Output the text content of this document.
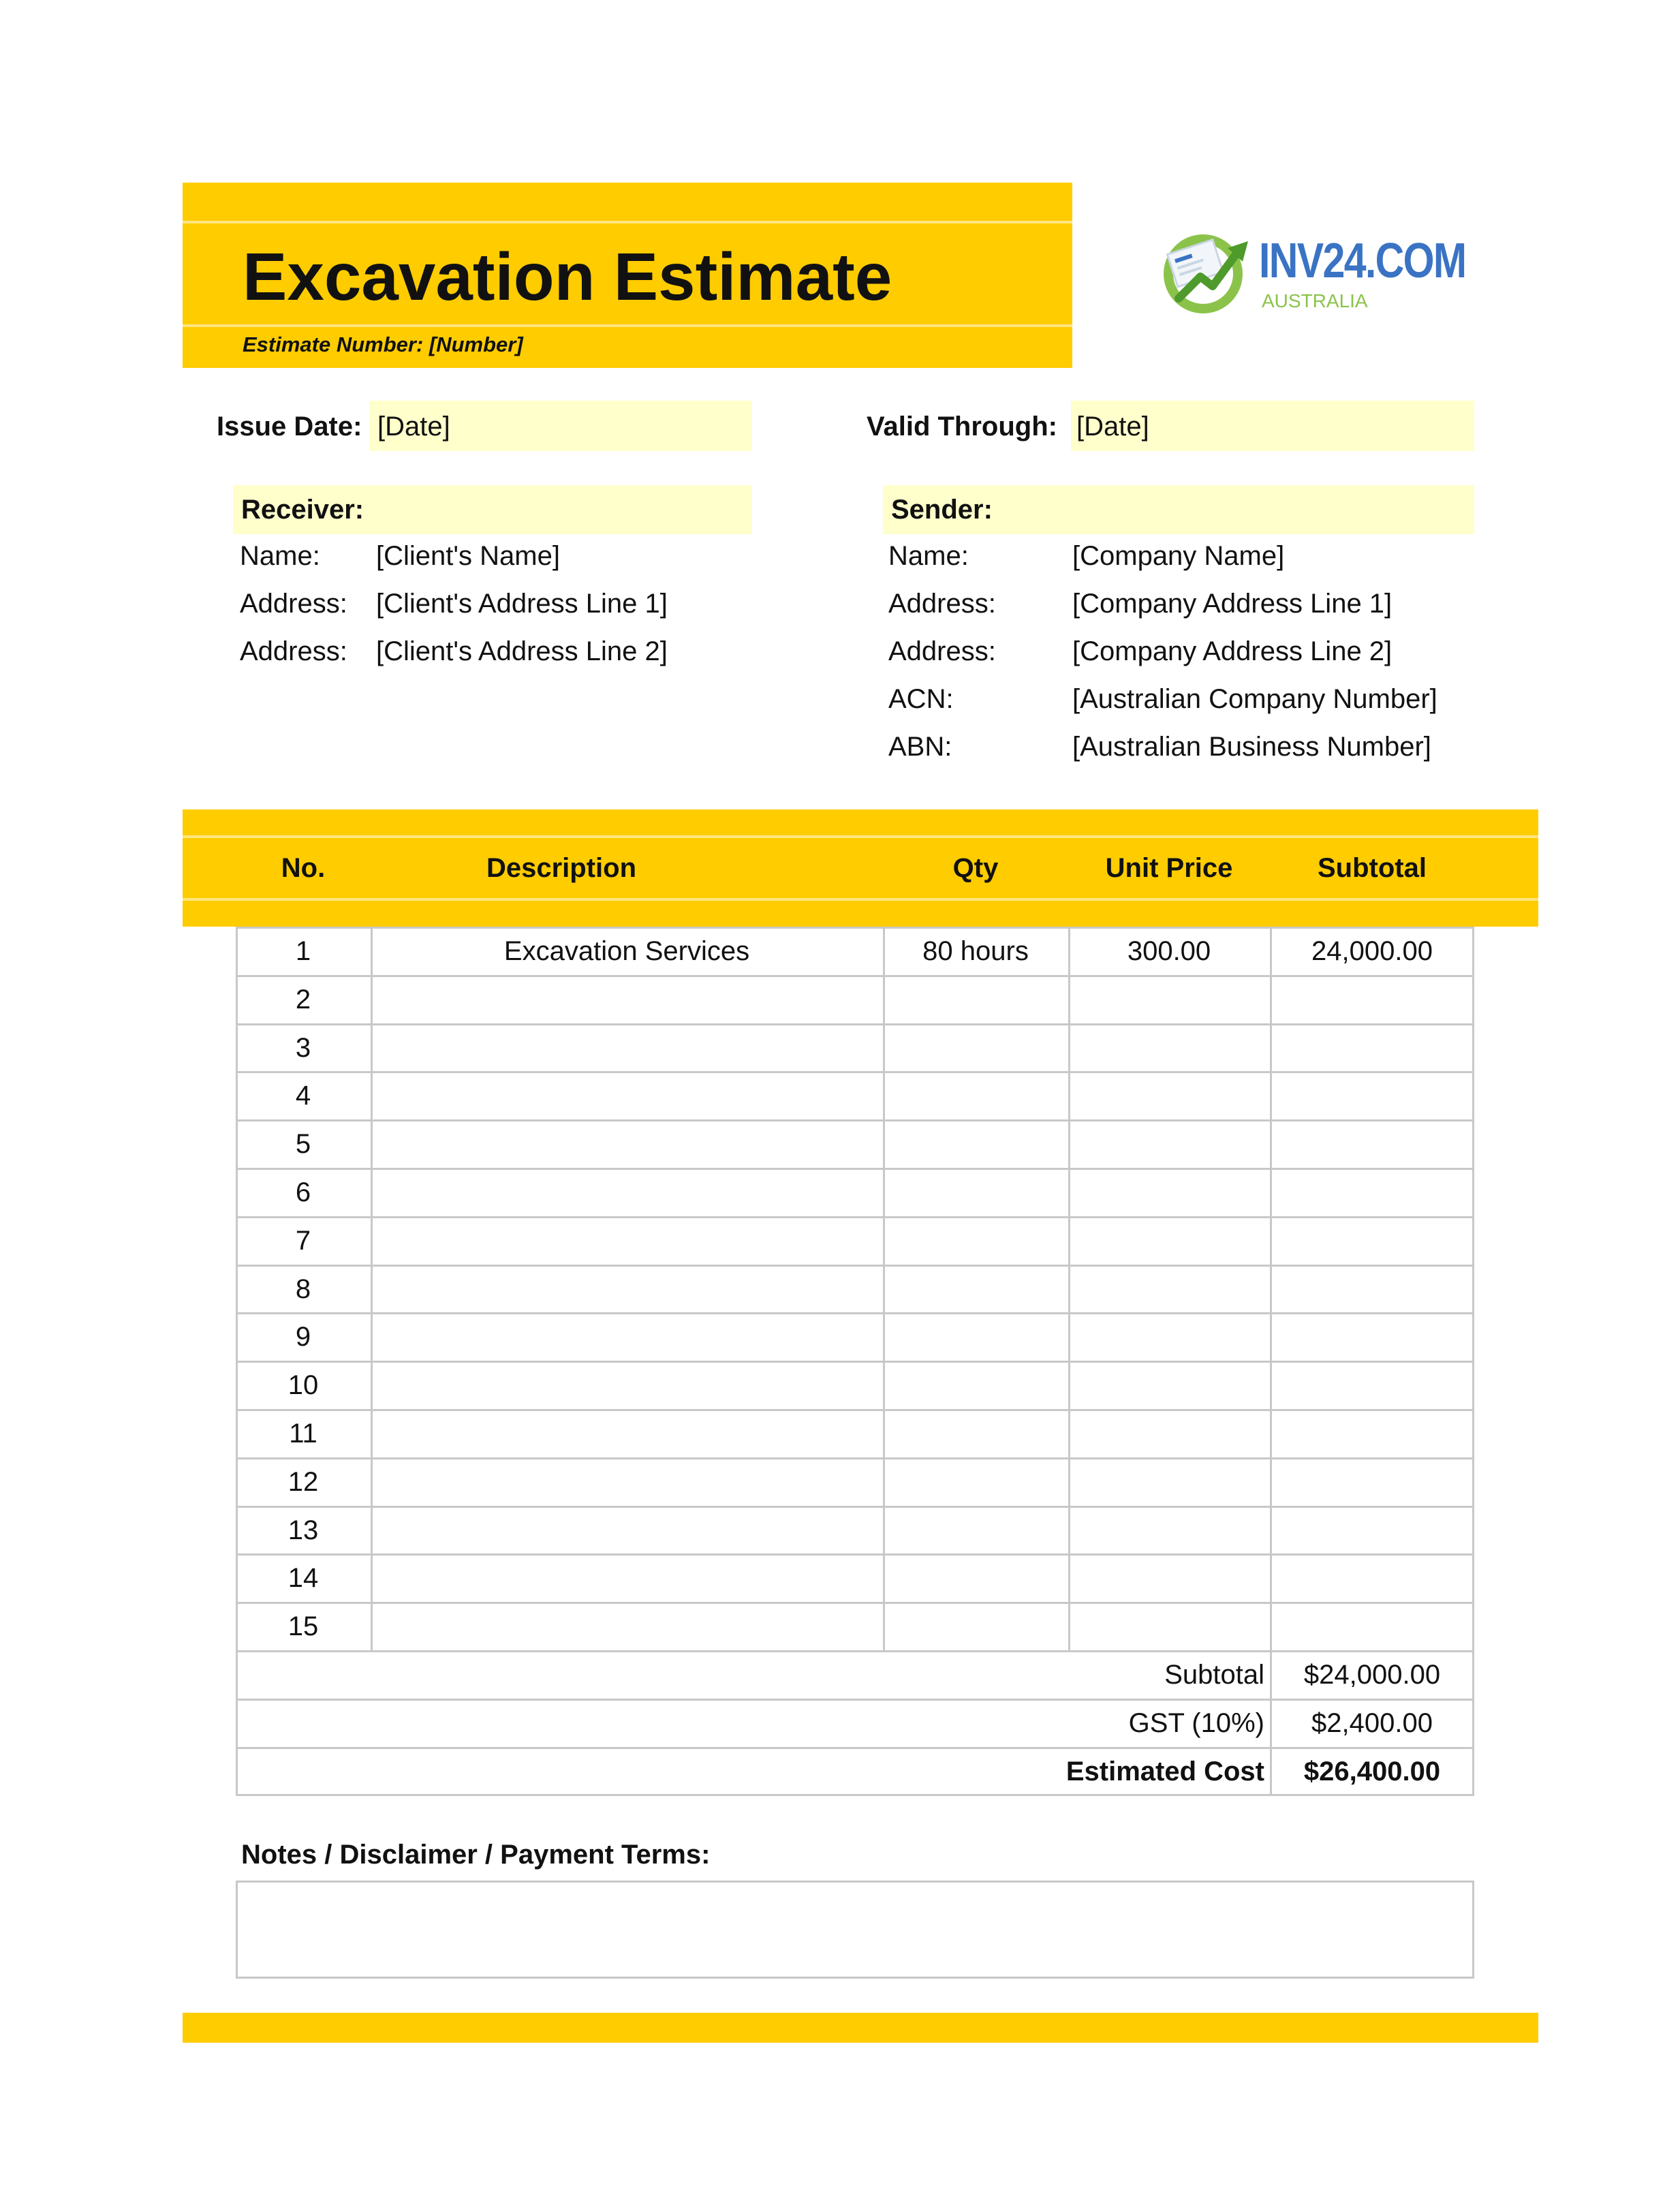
Excavation Estimate
Estimate Number: [Number]
INV24.COM
AUSTRALIA
Issue Date: [Date]	Valid Through: [Date]
Receiver:
Name: [Client's Name]
Address: [Client's Address Line 1]
Address: [Client's Address Line 2]
Sender:
Name:	[Company Name]
Address:	[Company Address Line 1]
Address:	[Company Address Line 2]
ACN:	[Australian Company Number]
ABN:	[Australian Business Number]
No.	Description	Qty	Unit Price	Subtotal
1	Excavation Services	80 hours	300.00	24,000.00
2
3
4
5
6
7
8
9
10
11
12
13
14
15
Subtotal	$24,000.00
GST (10%)	$2,400.00
Estimated Cost	$26,400.00
Notes / Disclaimer / Payment Terms:
